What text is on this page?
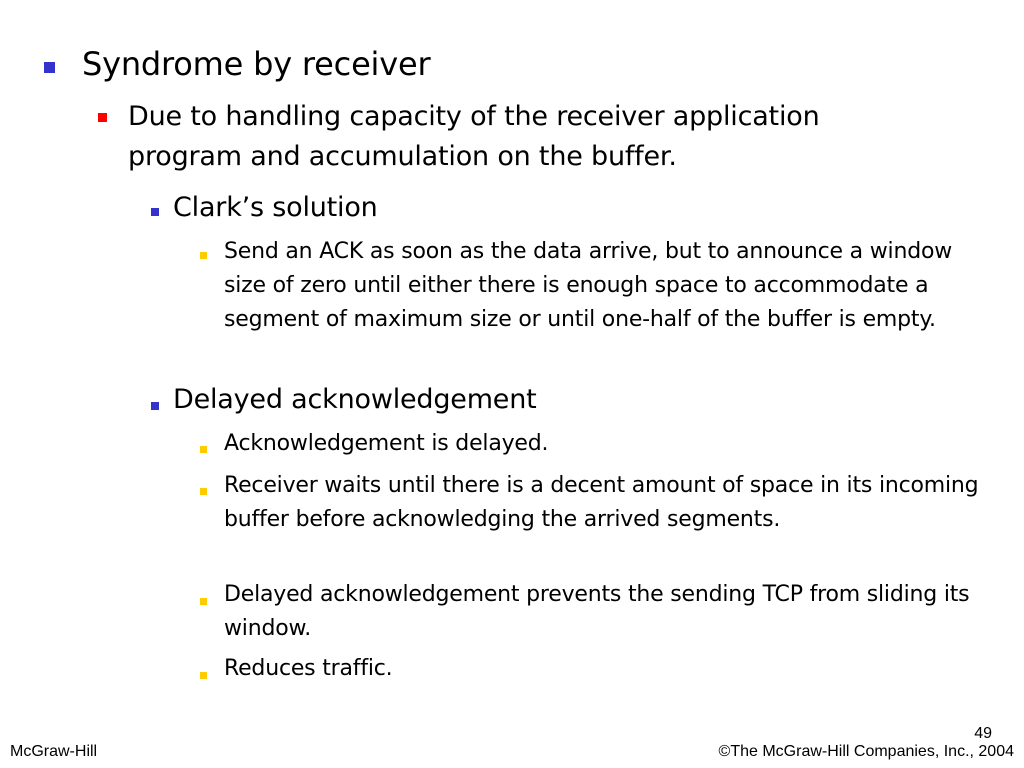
Syndrome by receiver

Due to handling capacity of the receiver application program and accumulation on the buffer.

Clark’s solution

Send an ACK as soon as the data arrive, but to announce a window size of zero until either there is enough space to accommodate a segment of maximum size or until one-half of the buffer is empty.

Delayed acknowledgement

Acknowledgement is delayed.

Receiver waits until there is a decent amount of space in its incoming buffer before acknowledging the arrived segments.

Delayed acknowledgement prevents the sending TCP from sliding its window.

Reduces traffic.

McGraw-Hill
49
©The McGraw-Hill Companies, Inc., 2004
